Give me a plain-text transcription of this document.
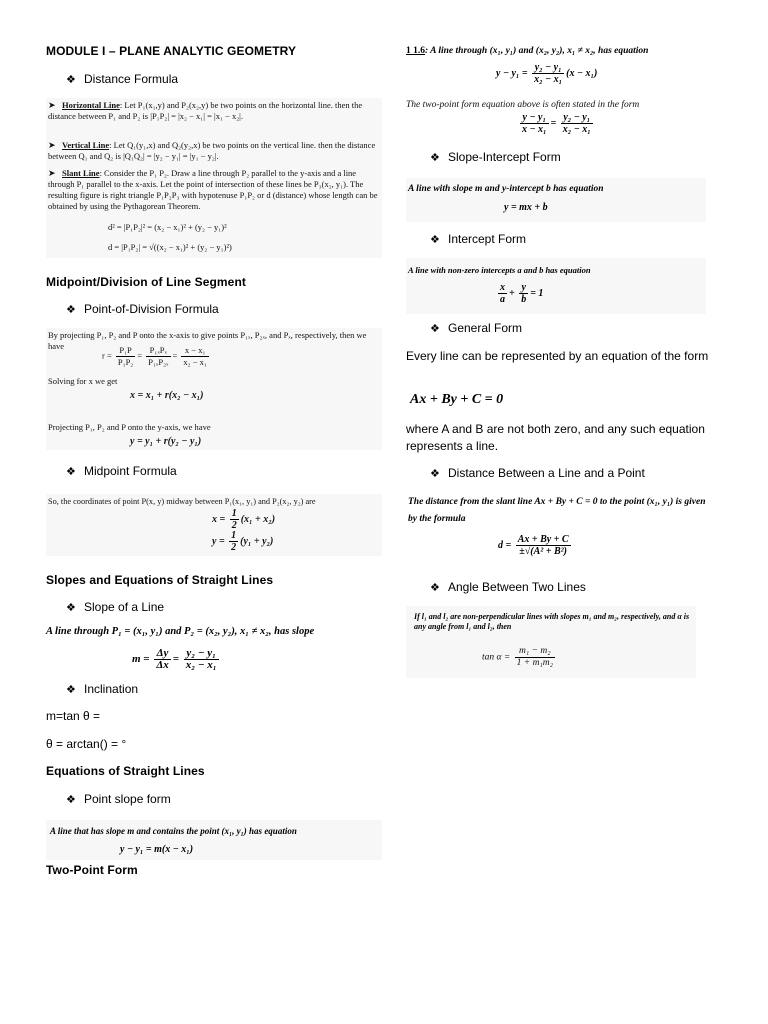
MODULE I – PLANE ANALYTIC GEOMETRY
❖ Distance Formula
➤ Horizontal Line: Let P₁(x₁,y) and P₂(x₂,y) be two points on the horizontal line. then the distance between P₁ and P₂ is |P₁P₂| = |x₂ − x₁| = |x₁ − x₂|.
➤ Vertical Line: Let Q₁(y₁,x) and Q₂(y₂,x) be two points on the vertical line. then the distance between Q₁ and Q₂ is |Q₁Q₂| = |y₂ − y₁| = |y₁ − y₂|.
➤ Slant Line: Consider the P₁ P₂. Draw a line through P₂ parallel to the y-axis and a line through P₁ parallel to the x-axis. Let the point of intersection of these lines be P₃(x₂, y₁). The resulting figure is right triangle P₁P₂P₃ with hypotenuse P₁P₂ or d (distance) whose length can be obtained by using the Pythagorean Theorem.
d² = |P₁P₂|² = (x₂ − x₁)² + (y₂ − y₁)²
d = |P₁P₂| = √((x₂ − x₁)² + (y₂ − y₁)²)
Midpoint/Division of Line Segment
❖ Point-of-Division Formula
By projecting P₁, P₂ and P onto the x-axis to give points P₁ₓ, P₂ₓ, and Pₓ, respectively, then we have
$r = \frac{\text{P₁P}}{\text{P₁P₂}} = \frac{\text{P₁ₓPₓ}}{\text{P₁ₓP₂ₓ}} = \frac{\text{x − x₁}}{\text{x₂ − x₁}}$
Solving for x we get
x = x₁ + r(x₂ − x₁)
Projecting P₁, P₂ and P onto the y-axis, we have
y = y₁ + r(y₂ − y₁)
❖ Midpoint Formula
So, the coordinates of point P(x, y) midway between P₁(x₁, y₁) and P₂(x₂, y₂) are
$x = \frac{1}{2} (x_1 + x_2)$
$y = \frac{1}{2} (y_1 + y_2)$
Slopes and Equations of Straight Lines
❖ Slope of a Line
A line through P₁ = (x₁, y₁) and P₂ = (x₂, y₂), x₁ ≠ x₂, has slope
$m = \frac{\Delta y}{\Delta x} = \frac{\text{y₂ − y₁}}{\text{x₂ − x₁}}$
❖ Inclination
m=tan θ =
θ = arctan() = °
Equations of Straight Lines
❖ Point slope form
A line that has slope m and contains the point (x₁, y₁) has equation
y − y₁ = m(x − x₁)
Two-Point Form
1 1.6: A line through (x₁, y₁) and (x₂, y₂), x₁ ≠ x₂, has equation
$y - y_1 = \frac{\text{y₂ − y₁}}{\text{x₂ − x₁}} (x - x_1)$
The two-point form equation above is often stated in the form
$\frac{\text{y − y₁}}{\text{x − x₁}} = \frac{\text{y₂ − y₁}}{\text{x₂ − x₁}}$
❖ Slope-Intercept Form
A line with slope m and y-intercept b has equation
y = mx + b
❖ Intercept Form
A line with non-zero intercepts a and b has equation
$\frac{x}{a} + \frac{y}{b} = 1$
❖ General Form
Every line can be represented by an equation of the form
Ax + By + C = 0
where A and B are not both zero, and any such equation represents a line.
❖ Distance Between a Line and a Point
The distance from the slant line Ax + By + C = 0 to the point (x₁, y₁) is given by the formula
$d = \frac{Ax + By + C}{\text{±√(A² + B²)}}$
❖ Angle Between Two Lines
If l₁ and l₂ are non-perpendicular lines with slopes m₁ and m₂, respectively, and α is any angle from l₁ and l₂, then
$\tan \alpha = \frac{\text{m₁ − m₂}}{\text{1 + m₁m₂}}$
